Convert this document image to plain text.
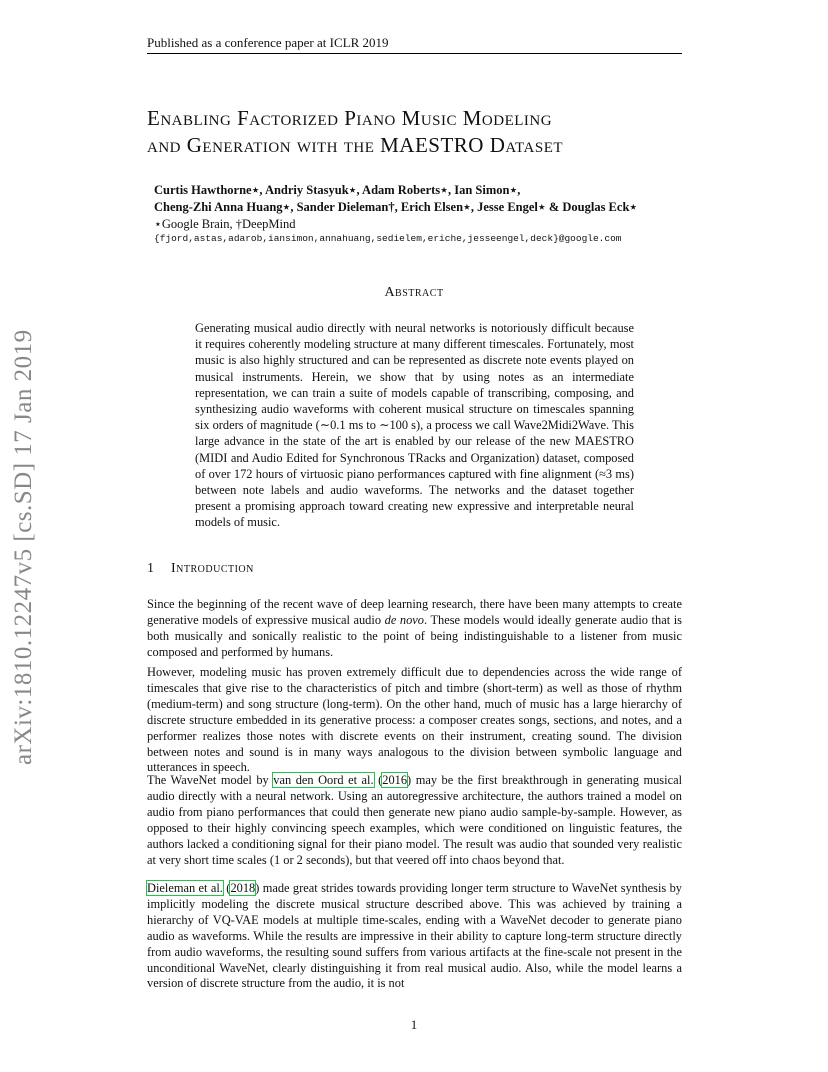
Published as a conference paper at ICLR 2019
Enabling Factorized Piano Music Modeling
and Generation with the MAESTRO Dataset
Curtis Hawthorne⋆, Andriy Stasyuk⋆, Adam Roberts⋆, Ian Simon⋆,
Cheng-Zhi Anna Huang⋆, Sander Dieleman†, Erich Elsen⋆, Jesse Engel⋆ & Douglas Eck⋆
⋆Google Brain, †DeepMind
{fjord,astas,adarob,iansimon,annahuang,sedielem,eriche,jesseengel,deck}@google.com
Abstract
Generating musical audio directly with neural networks is notoriously difficult because it requires coherently modeling structure at many different timescales. Fortunately, most music is also highly structured and can be represented as discrete note events played on musical instruments. Herein, we show that by using notes as an intermediate representation, we can train a suite of models capable of transcribing, composing, and synthesizing audio waveforms with coherent musical structure on timescales spanning six orders of magnitude (∼0.1 ms to ∼100 s), a process we call Wave2Midi2Wave. This large advance in the state of the art is enabled by our release of the new MAESTRO (MIDI and Audio Edited for Synchronous TRacks and Organization) dataset, composed of over 172 hours of virtuosic piano performances captured with fine alignment (≈3 ms) between note labels and audio waveforms. The networks and the dataset together present a promising approach toward creating new expressive and interpretable neural models of music.
1 Introduction
Since the beginning of the recent wave of deep learning research, there have been many attempts to create generative models of expressive musical audio de novo. These models would ideally generate audio that is both musically and sonically realistic to the point of being indistinguishable to a listener from music composed and performed by humans.
However, modeling music has proven extremely difficult due to dependencies across the wide range of timescales that give rise to the characteristics of pitch and timbre (short-term) as well as those of rhythm (medium-term) and song structure (long-term). On the other hand, much of music has a large hierarchy of discrete structure embedded in its generative process: a composer creates songs, sections, and notes, and a performer realizes those notes with discrete events on their instrument, creating sound. The division between notes and sound is in many ways analogous to the division between symbolic language and utterances in speech.
The WaveNet model by van den Oord et al. (2016) may be the first breakthrough in generating musical audio directly with a neural network. Using an autoregressive architecture, the authors trained a model on audio from piano performances that could then generate new piano audio sample-by-sample. However, as opposed to their highly convincing speech examples, which were conditioned on linguistic features, the authors lacked a conditioning signal for their piano model. The result was audio that sounded very realistic at very short time scales (1 or 2 seconds), but that veered off into chaos beyond that.
Dieleman et al. (2018) made great strides towards providing longer term structure to WaveNet synthesis by implicitly modeling the discrete musical structure described above. This was achieved by training a hierarchy of VQ-VAE models at multiple time-scales, ending with a WaveNet decoder to generate piano audio as waveforms. While the results are impressive in their ability to capture long-term structure directly from audio waveforms, the resulting sound suffers from various artifacts at the fine-scale not present in the unconditional WaveNet, clearly distinguishing it from real musical audio. Also, while the model learns a version of discrete structure from the audio, it is not
1
arXiv:1810.12247v5 [cs.SD] 17 Jan 2019
